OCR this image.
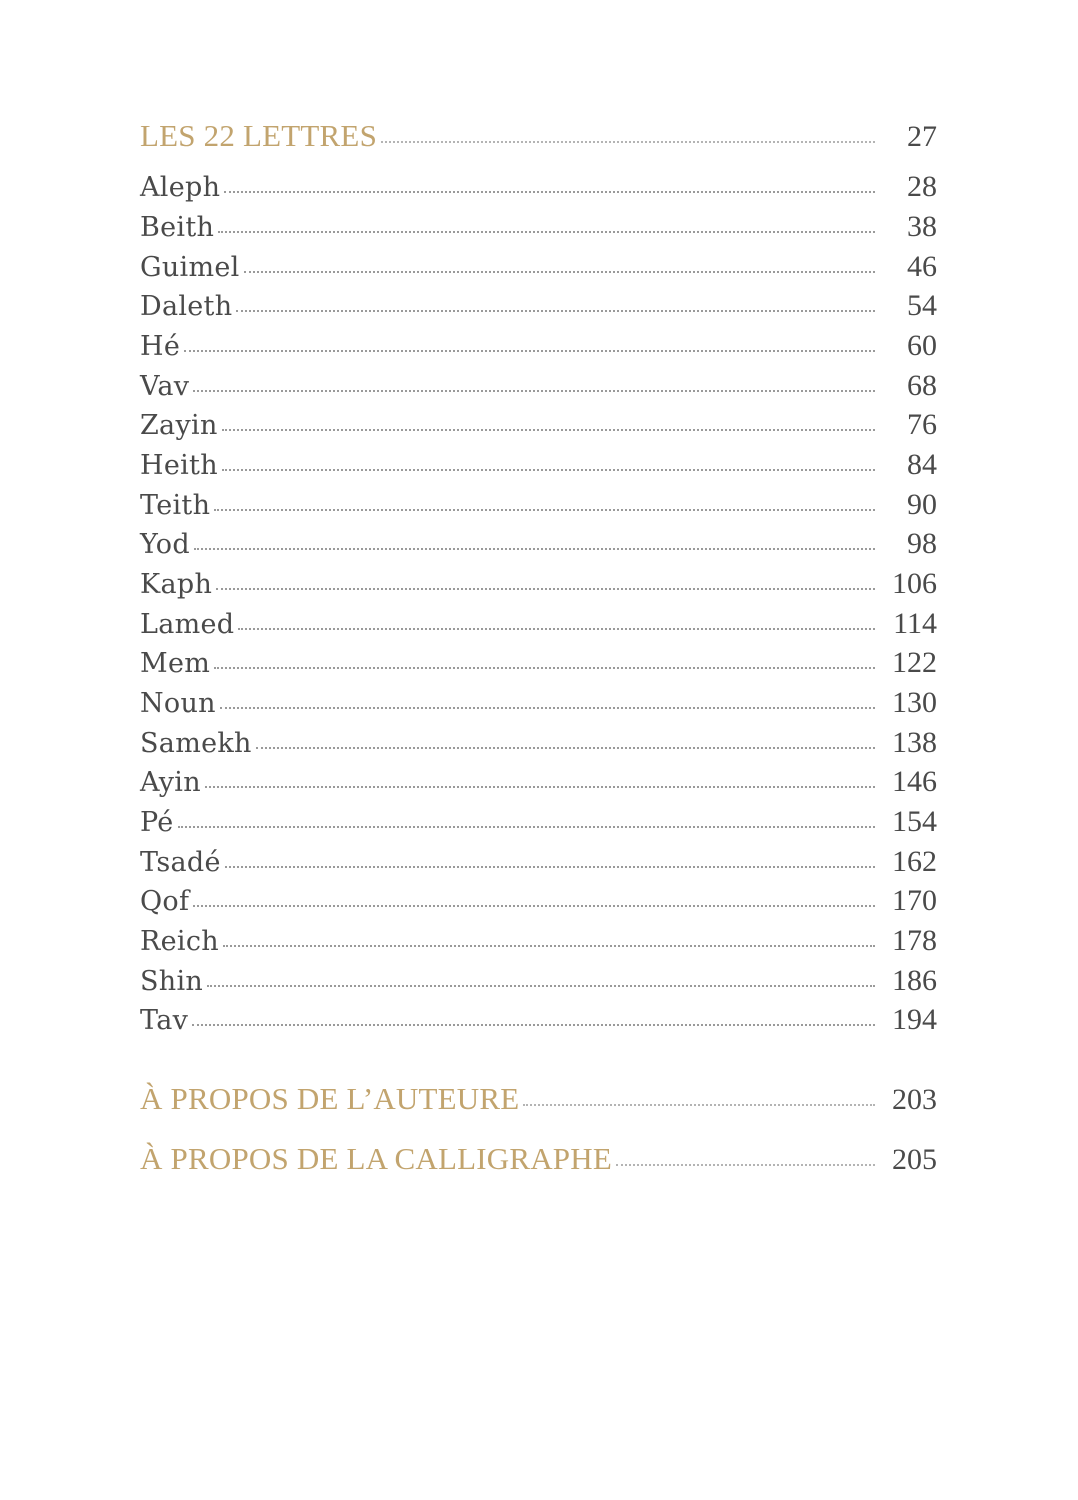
LES 22 LETTRES	27
Aleph	28
Beith	38
Guimel	46
Daleth	54
Hé	60
Vav	68
Zayin	76
Heith	84
Teith	90
Yod	98
Kaph	106
Lamed	114
Mem	122
Noun	130
Samekh	138
Ayin	146
Pé	154
Tsadé	162
Qof	170
Reich	178
Shin	186
Tav	194
À PROPOS DE L’AUTEURE	203
À PROPOS DE LA CALLIGRAPHE	205
